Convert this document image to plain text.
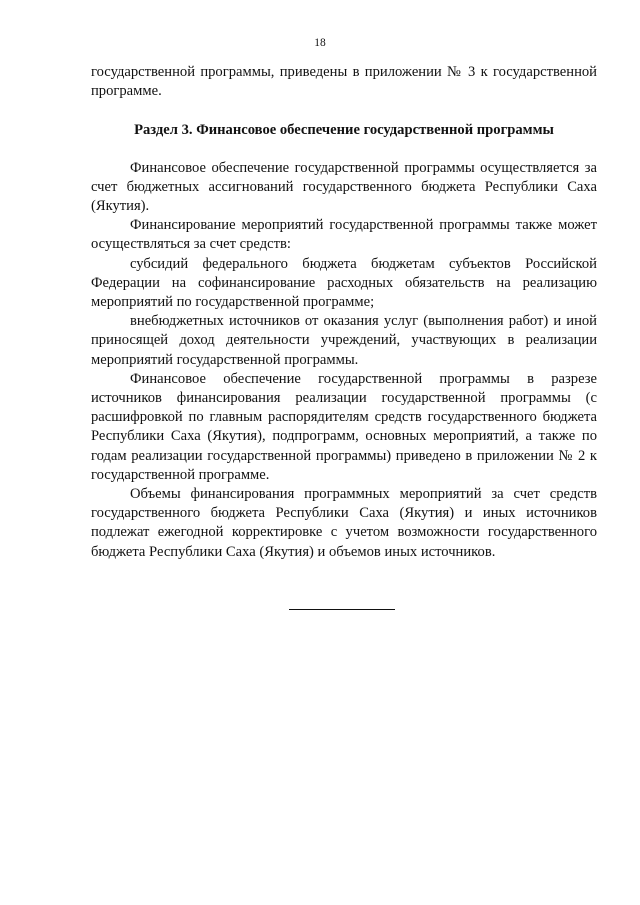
18

государственной программы, приведены в приложении № 3 к государственной программе.

Раздел 3. Финансовое обеспечение государственной программы

Финансовое обеспечение государственной программы осуществляется за счет бюджетных ассигнований государственного бюджета Республики Саха (Якутия).

Финансирование мероприятий государственной программы также может осуществляться за счет средств:

субсидий федерального бюджета бюджетам субъектов Российской Федерации на софинансирование расходных обязательств на реализацию мероприятий по государственной программе;

внебюджетных источников от оказания услуг (выполнения работ) и иной приносящей доход деятельности учреждений, участвующих в реализации мероприятий государственной программы.

Финансовое обеспечение государственной программы в разрезе источников финансирования реализации государственной программы (с расшифровкой по главным распорядителям средств государственного бюджета Республики Саха (Якутия), подпрограмм, основных мероприятий, а также по годам реализации государственной программы) приведено в приложении № 2 к государственной программе.

Объемы финансирования программных мероприятий за счет средств государственного бюджета Республики Саха (Якутия) и иных источников подлежат ежегодной корректировке с учетом возможности государственного бюджета Республики Саха (Якутия) и объемов иных источников.
